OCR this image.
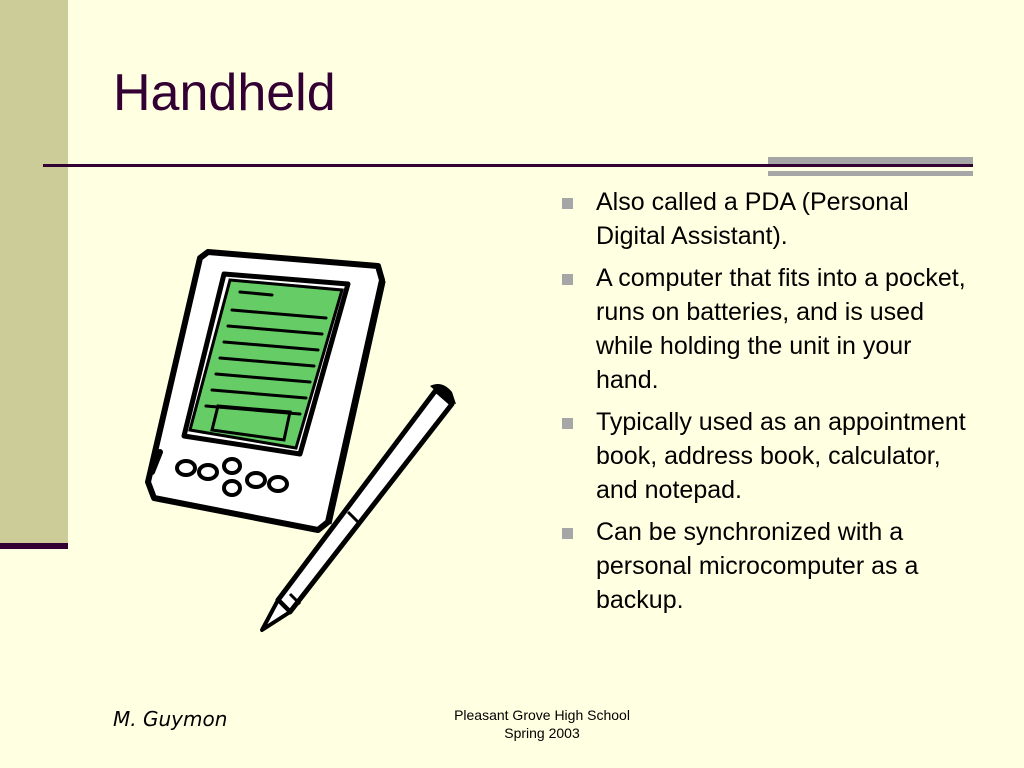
Handheld
Also called a PDA (Personal Digital Assistant).
A computer that fits into a pocket, runs on batteries, and is used while holding the unit in your hand.
Typically used as an appointment book, address book, calculator, and notepad.
Can be synchronized with a personal microcomputer as a backup.
M. Guymon	Pleasant Grove High School
Spring 2003
